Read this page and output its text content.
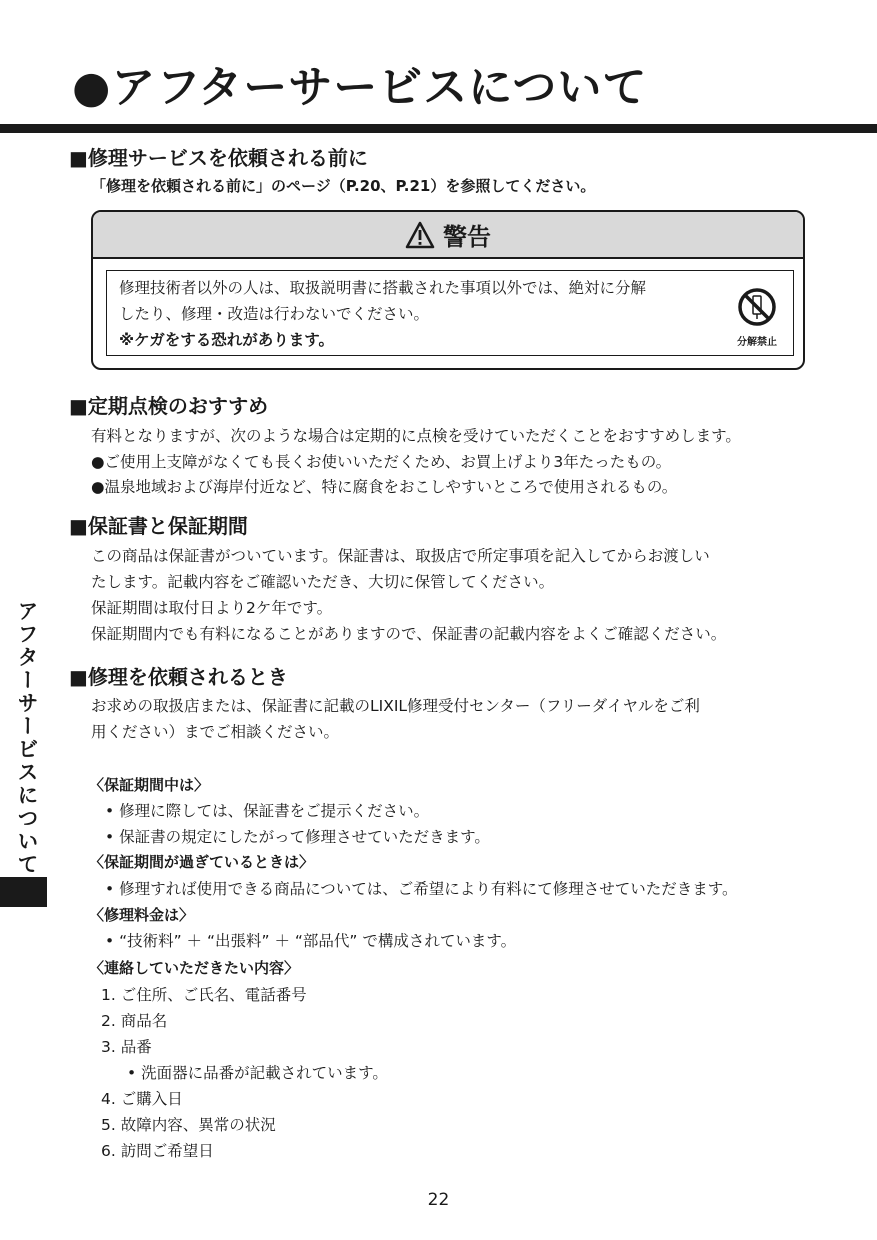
●アフターサービスについて
■修理サービスを依頼される前に

「修理を依頼される前に」のページ（P.20、P.21）を参照してください。

警告

修理技術者以外の人は、取扱説明書に搭載された事項以外では、絶対に分解

したり、修理・改造は行わないでください。

※ケガをする恐れがあります。	分解禁止
■定期点検のおすすめ

有料となりますが、次のような場合は定期的に点検を受けていただくことをおすすめします。

●ご使用上支障がなくても長くお使いいただくため、お買上げより3年たったもの。

●温泉地域および海岸付近など、特に腐食をおこしやすいところで使用されるもの。

■保証書と保証期間

この商品は保証書がついています。保証書は、取扱店で所定事項を記入してからお渡しい

たします。記載内容をご確認いただき、大切に保管してください。

保証期間は取付日より2ケ年です。

保証期間内でも有料になることがありますので、保証書の記載内容をよくご確認ください。

■修理を依頼されるとき

お求めの取扱店または、保証書に記載のLIXIL修理受付センター（フリーダイヤルをご利

用ください）までご相談ください。

〈保証期間中は〉

• 修理に際しては、保証書をご提示ください。

• 保証書の規定にしたがって修理させていただきます。

〈保証期間が過ぎているときは〉

• 修理すれば使用できる商品については、ご希望により有料にて修理させていただきます。

〈修理料金は〉

• “技術料” ＋ “出張料” ＋ “部品代” で構成されています。

〈連絡していただきたい内容〉

1. ご住所、ご氏名、電話番号

2. 商品名

3. 品番

• 洗面器に品番が記載されています。

4. ご購入日

5. 故障内容、異常の状況

6. 訪問ご希望日

アフターサービスについて
22
